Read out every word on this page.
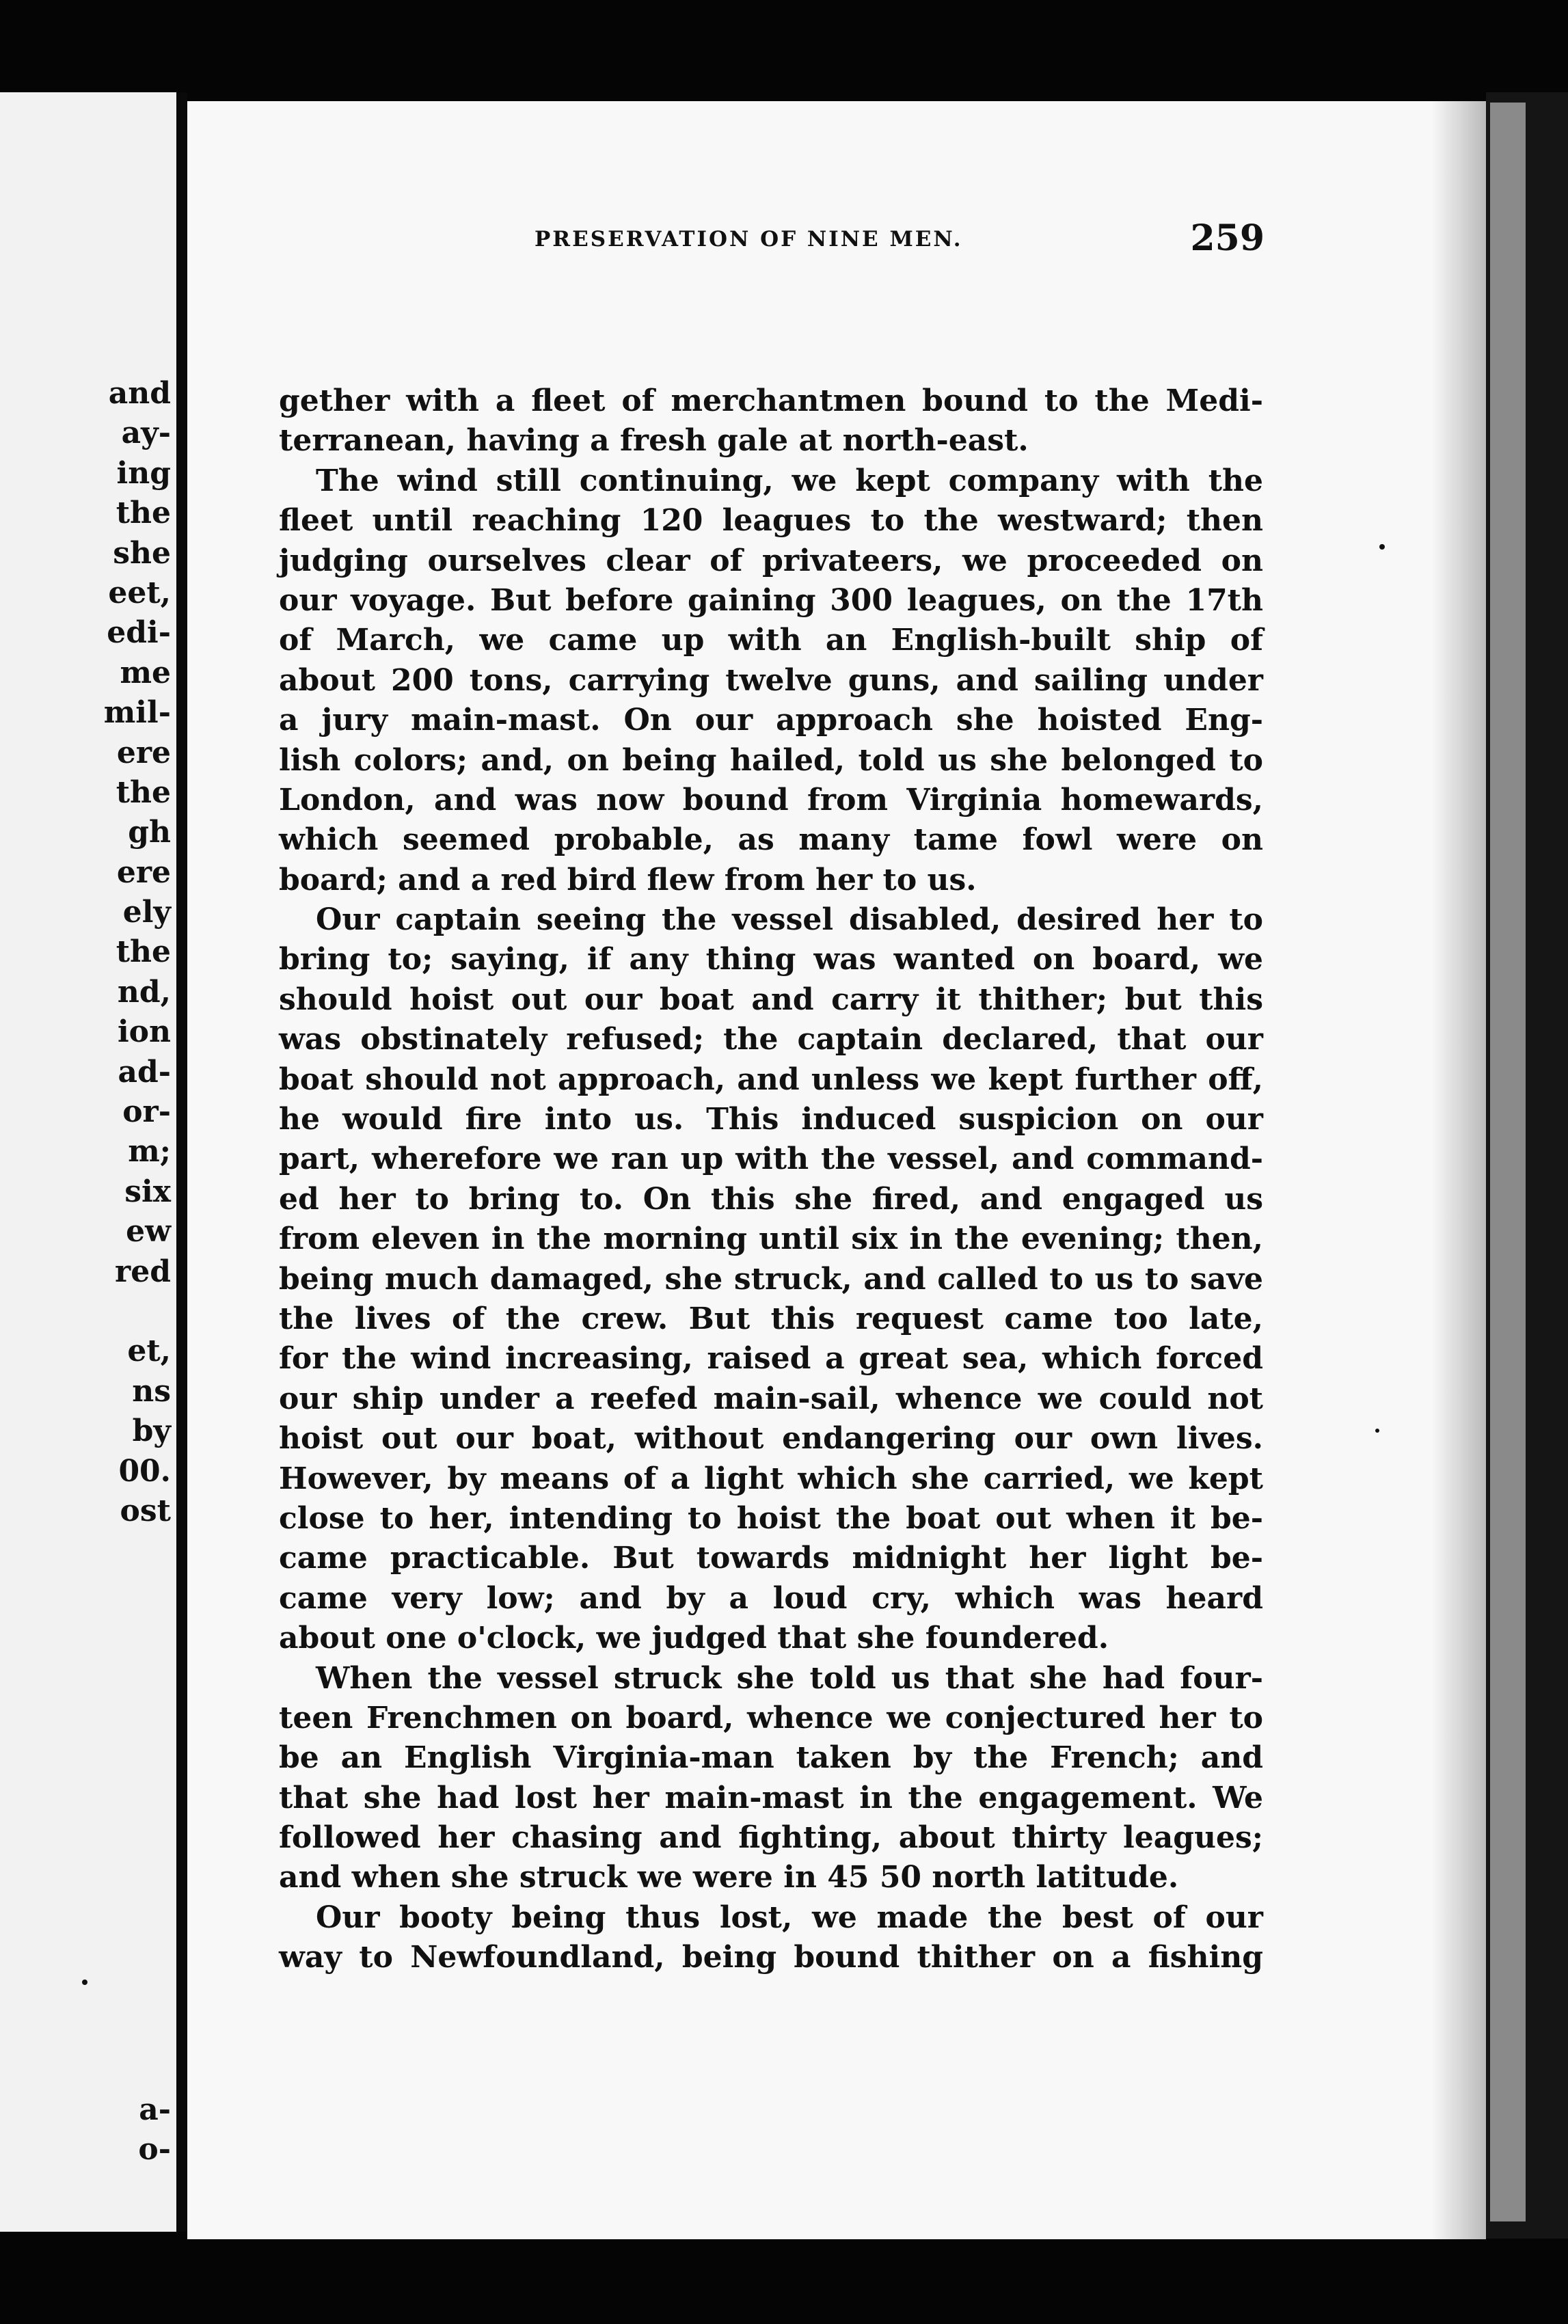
and
ay-
ing
the
she
eet,
edi-
me
mil-
ere
the
gh
ere
ely
the
nd,
ion
ad-
or-
m;
six
ew
red
et,
ns
by
00.
ost
a-
o-
PRESERVATION OF NINE MEN.	259
gether with a fleet of merchantmen bound to the Medi-
terranean, having a fresh gale at north-east.
The wind still continuing, we kept company with the
fleet until reaching 120 leagues to the westward; then
judging ourselves clear of privateers, we proceeded on
our voyage. But before gaining 300 leagues, on the 17th
of March, we came up with an English-built ship of
about 200 tons, carrying twelve guns, and sailing under
a jury main-mast. On our approach she hoisted Eng-
lish colors; and, on being hailed, told us she belonged to
London, and was now bound from Virginia homewards,
which seemed probable, as many tame fowl were on
board; and a red bird flew from her to us.
Our captain seeing the vessel disabled, desired her to
bring to; saying, if any thing was wanted on board, we
should hoist out our boat and carry it thither; but this
was obstinately refused; the captain declared, that our
boat should not approach, and unless we kept further off,
he would fire into us. This induced suspicion on our
part, wherefore we ran up with the vessel, and command-
ed her to bring to. On this she fired, and engaged us
from eleven in the morning until six in the evening; then,
being much damaged, she struck, and called to us to save
the lives of the crew. But this request came too late,
for the wind increasing, raised a great sea, which forced
our ship under a reefed main-sail, whence we could not
hoist out our boat, without endangering our own lives.
However, by means of a light which she carried, we kept
close to her, intending to hoist the boat out when it be-
came practicable. But towards midnight her light be-
came very low; and by a loud cry, which was heard
about one o'clock, we judged that she foundered.
When the vessel struck she told us that she had four-
teen Frenchmen on board, whence we conjectured her to
be an English Virginia-man taken by the French; and
that she had lost her main-mast in the engagement. We
followed her chasing and fighting, about thirty leagues;
and when she struck we were in 45 50 north latitude.
Our booty being thus lost, we made the best of our
way to Newfoundland, being bound thither on a fishing
